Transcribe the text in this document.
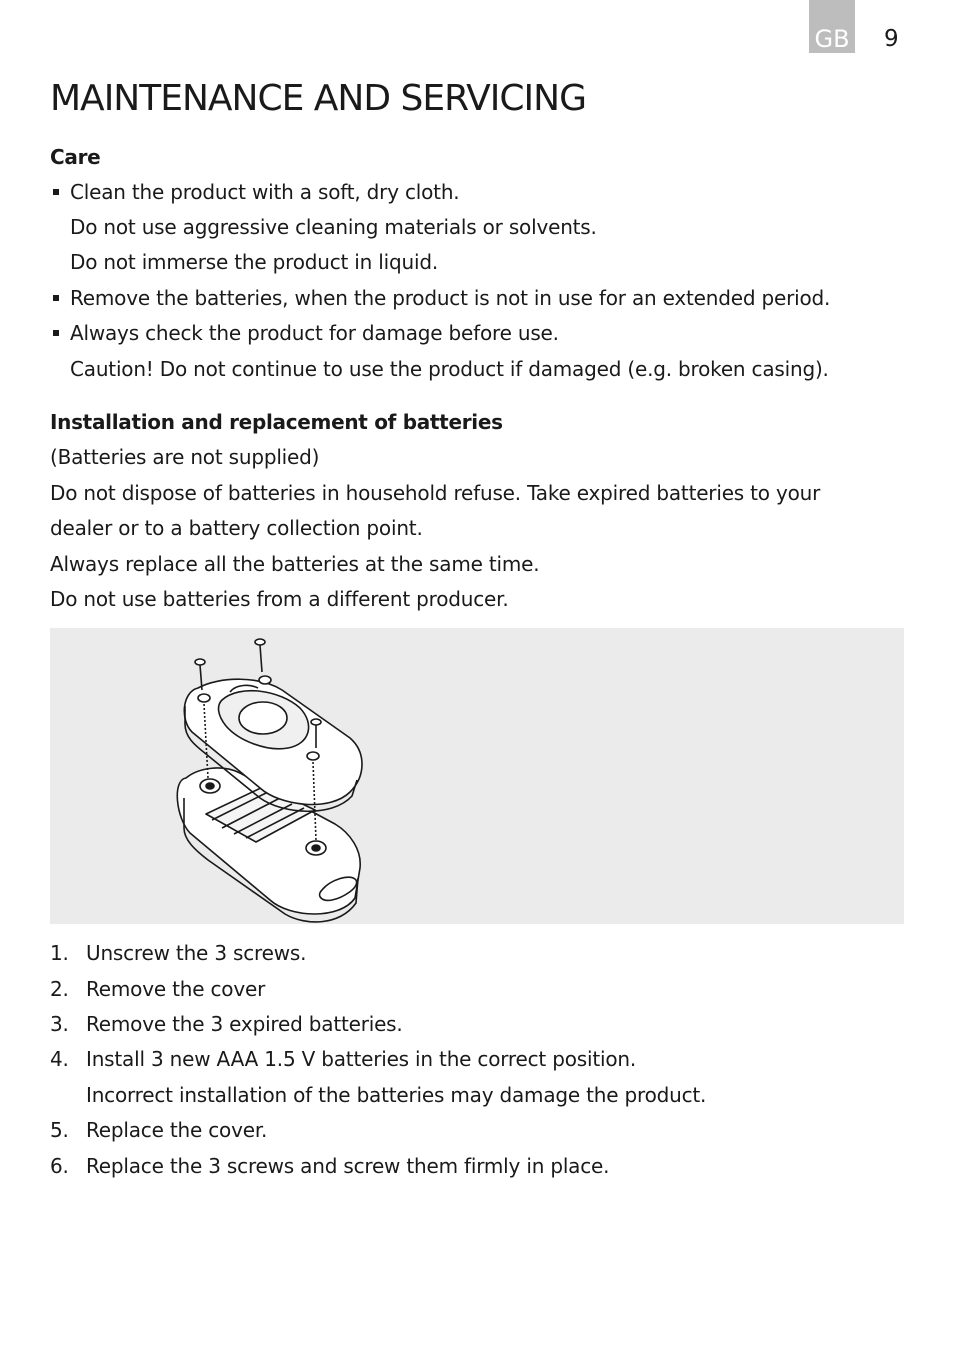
GB 9
MAINTENANCE AND SERVICING
Care
Clean the product with a soft, dry cloth.
Do not use aggressive cleaning materials or solvents.
Do not immerse the product in liquid.
Remove the batteries, when the product is not in use for an extended period.
Always check the product for damage before use.
Caution! Do not continue to use the product if damaged (e.g. broken casing).
Installation and replacement of batteries
(Batteries are not supplied)
Do not dispose of batteries in household refuse. Take expired batteries to your
dealer or to a battery collection point.
Always replace all the batteries at the same time.
Do not use batteries from a different producer.
1. Unscrew the 3 screws.
2. Remove the cover
3. Remove the 3 expired batteries.
4. Install 3 new AAA 1.5 V batteries in the correct position.
Incorrect installation of the batteries may damage the product.
5. Replace the cover.
6. Replace the 3 screws and screw them firmly in place.
